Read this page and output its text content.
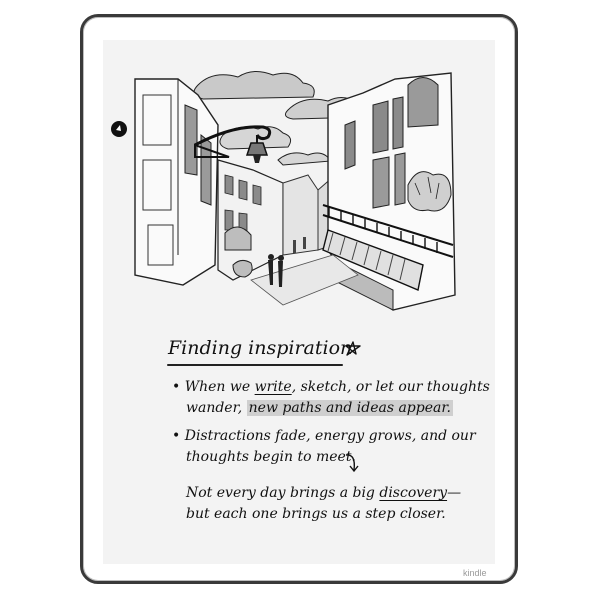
Finding inspiration
• When we write, sketch, or let our thoughts
wander, new paths and ideas appear.
• Distractions fade, energy grows, and our
thoughts begin to meet.
Not every day brings a big discovery—
but each one brings us a step closer.
kindle
